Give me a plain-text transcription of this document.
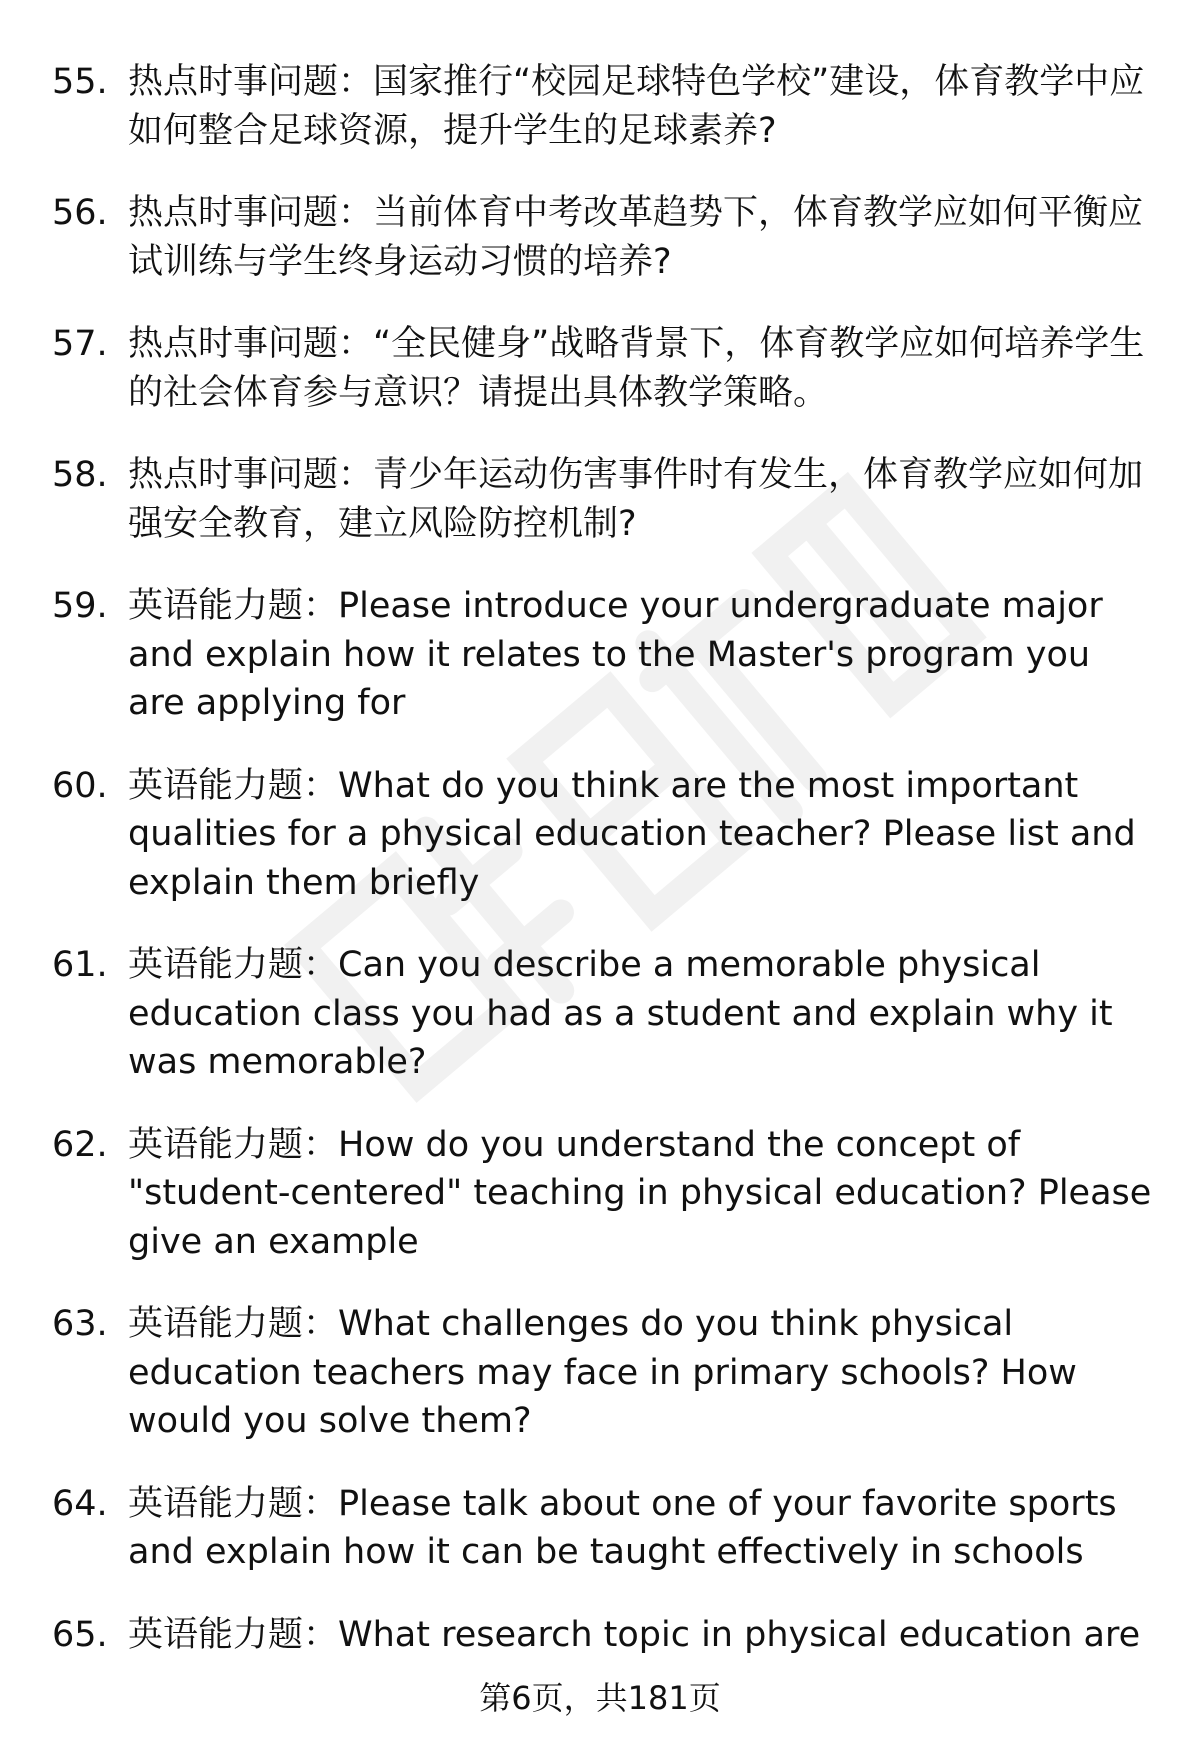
55. 热点时事问题：国家推行“校园足球特色学校”建设，体育教学中应如何整合足球资源，提升学生的足球素养?
56. 热点时事问题：当前体育中考改革趋势下，体育教学应如何平衡应试训练与学生终身运动习惯的培养?
57. 热点时事问题：“全民健身”战略背景下，体育教学应如何培养学生的社会体育参与意识？请提出具体教学策略。
58. 热点时事问题：青少年运动伤害事件时有发生，体育教学应如何加强安全教育，建立风险防控机制?
59. 英语能力题：Please introduce your undergraduate major and explain how it relates to the Master's program you are applying for
60. 英语能力题：What do you think are the most important qualities for a physical education teacher? Please list and explain them briefly
61. 英语能力题：Can you describe a memorable physical education class you had as a student and explain why it was memorable?
62. 英语能力题：How do you understand the concept of "student-centered" teaching in physical education? Please give an example
63. 英语能力题：What challenges do you think physical education teachers may face in primary schools? How would you solve them?
64. 英语能力题：Please talk about one of your favorite sports and explain how it can be taught effectively in schools
65. 英语能力题：What research topic in physical education are
第6页，共181页
